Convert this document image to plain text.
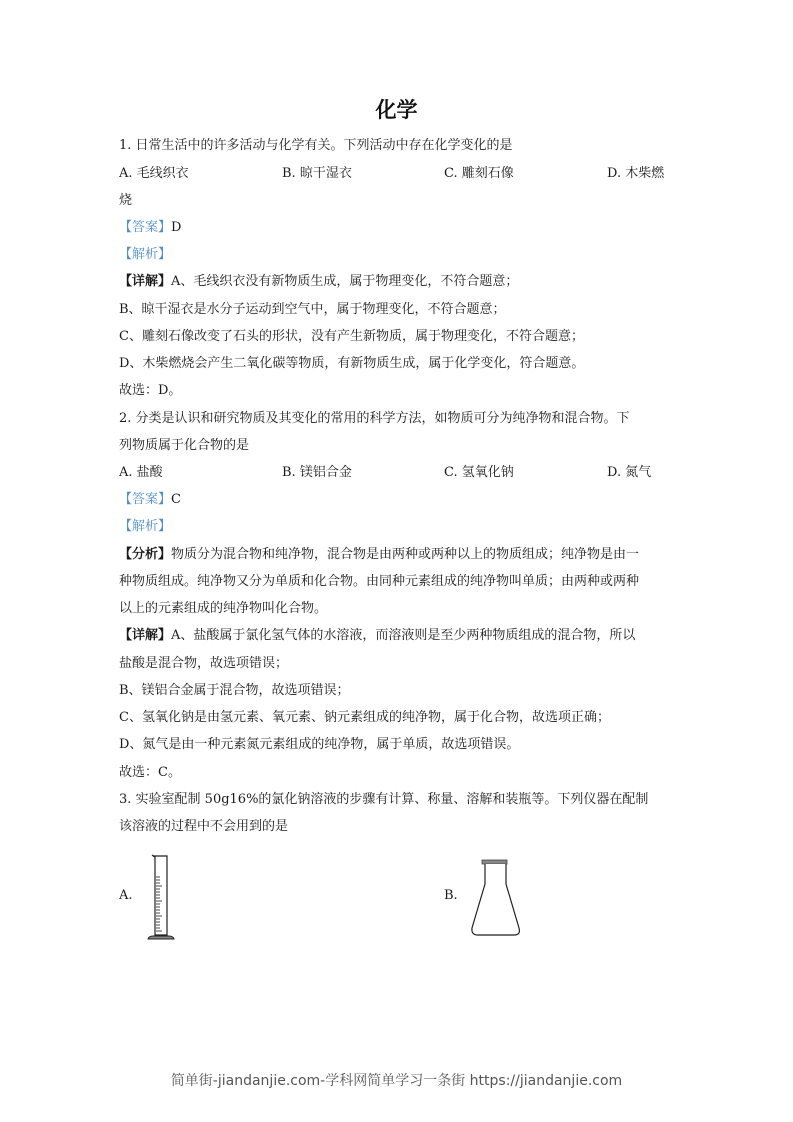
化学
1. 日常生活中的许多活动与化学有关。下列活动中存在化学变化的是
A. 毛线织衣	B. 晾干湿衣	C. 雕刻石像	D. 木柴燃
烧
【答案】D
【解析】
【详解】A、毛线织衣没有新物质生成，属于物理变化，不符合题意；
B、晾干湿衣是水分子运动到空气中，属于物理变化，不符合题意；
C、雕刻石像改变了石头的形状，没有产生新物质，属于物理变化，不符合题意；
D、木柴燃烧会产生二氧化碳等物质，有新物质生成，属于化学变化，符合题意。
故选：D。
2. 分类是认识和研究物质及其变化的常用的科学方法，如物质可分为纯净物和混合物。下
列物质属于化合物的是
A. 盐酸	B. 镁铝合金	C. 氢氧化钠	D. 氮气
【答案】C
【解析】
【分析】物质分为混合物和纯净物，混合物是由两种或两种以上的物质组成；纯净物是由一
种物质组成。纯净物又分为单质和化合物。由同种元素组成的纯净物叫单质；由两种或两种
以上的元素组成的纯净物叫化合物。
【详解】A、盐酸属于氯化氢气体的水溶液，而溶液则是至少两种物质组成的混合物，所以
盐酸是混合物，故选项错误；
B、镁铝合金属于混合物，故选项错误；
C、氢氧化钠是由氢元素、氧元素、钠元素组成的纯净物，属于化合物，故选项正确；
D、氮气是由一种元素氮元素组成的纯净物，属于单质，故选项错误。
故选：C。
3. 实验室配制 50g16%的氯化钠溶液的步骤有计算、称量、溶解和装瓶等。下列仪器在配制
该溶液的过程中不会用到的是
A.	B.
简单街-jiandanjie.com-学科网简单学习一条街 https://jiandanjie.com
